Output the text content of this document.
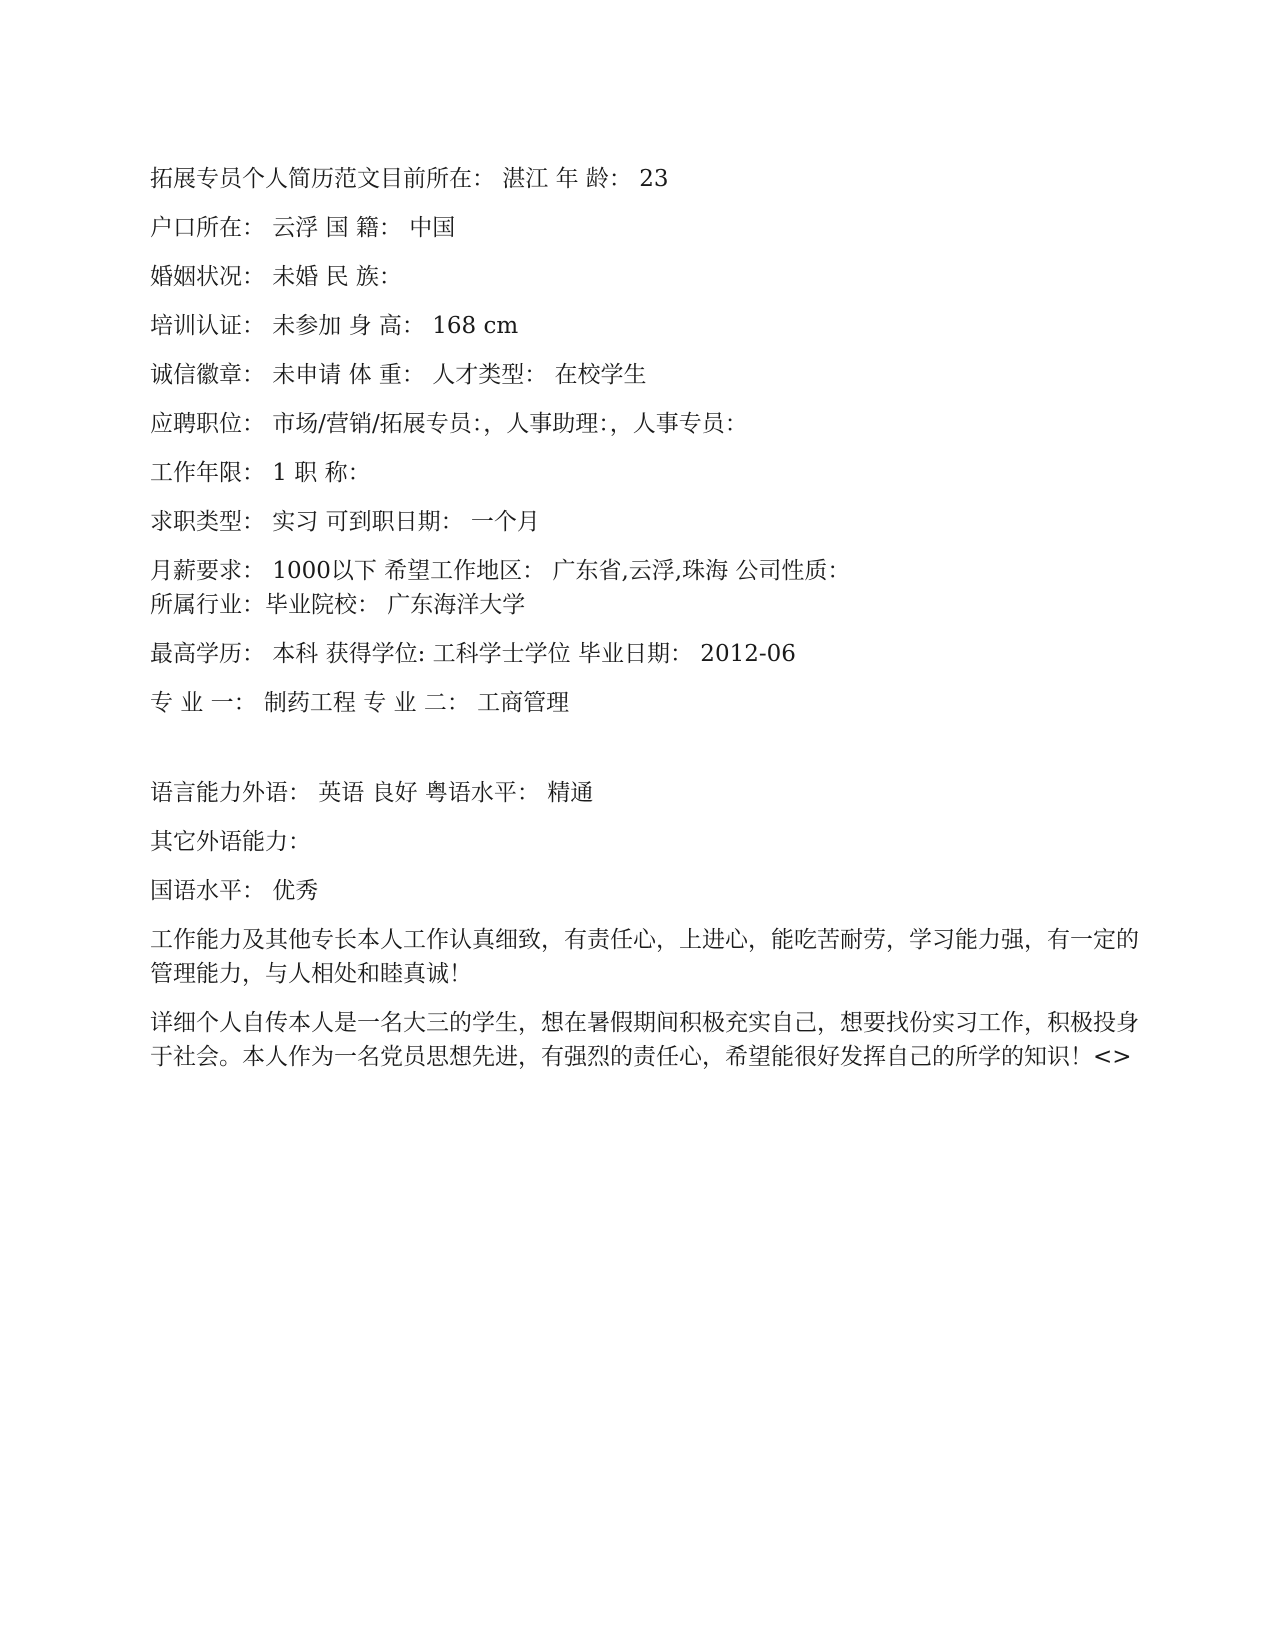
拓展专员个人简历范文目前所在： 湛江 年 龄： 23

户口所在： 云浮 国 籍： 中国

婚姻状况： 未婚 民 族：

培训认证： 未参加 身 高： 168 cm

诚信徽章： 未申请 体 重： 人才类型： 在校学生

应聘职位： 市场/营销/拓展专员：，人事助理：，人事专员：

工作年限： 1 职 称：

求职类型： 实习 可到职日期： 一个月

月薪要求： 1000以下 希望工作地区： 广东省,云浮,珠海 公司性质：

所属行业：毕业院校： 广东海洋大学

最高学历： 本科 获得学位: 工科学士学位 毕业日期： 2012-06

专 业 一： 制药工程 专 业 二： 工商管理

语言能力外语： 英语 良好 粤语水平： 精通

其它外语能力：

国语水平： 优秀

工作能力及其他专长本人工作认真细致，有责任心，上进心，能吃苦耐劳，学习能力强，有一定的管理能力，与人相处和睦真诚！

详细个人自传本人是一名大三的学生，想在暑假期间积极充实自己，想要找份实习工作，积极投身于社会。本人作为一名党员思想先进，有强烈的责任心，希望能很好发挥自己的所学的知识！<>
